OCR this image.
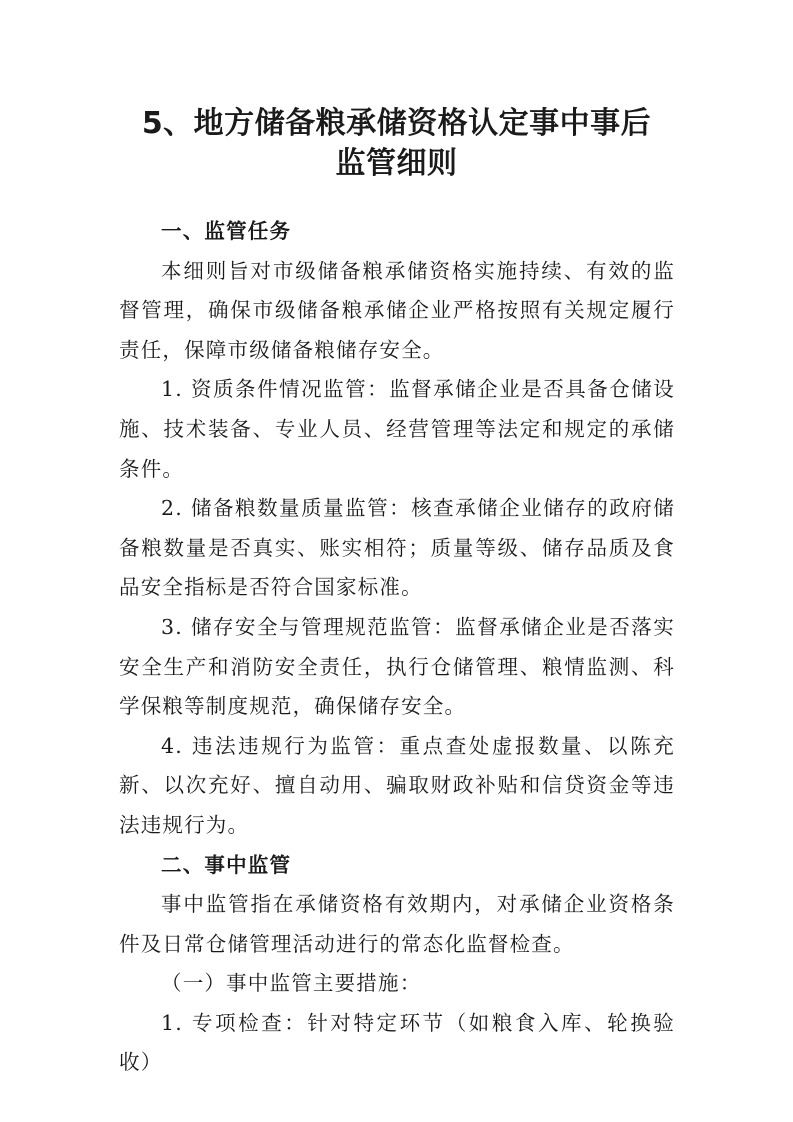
5、地方储备粮承储资格认定事中事后
监管细则

一、监管任务

本细则旨对市级储备粮承储资格实施持续、有效的监督管理，确保市级储备粮承储企业严格按照有关规定履行责任，保障市级储备粮储存安全。

1. 资质条件情况监管：监督承储企业是否具备仓储设施、技术装备、专业人员、经营管理等法定和规定的承储条件。

2. 储备粮数量质量监管：核查承储企业储存的政府储备粮数量是否真实、账实相符；质量等级、储存品质及食品安全指标是否符合国家标准。

3. 储存安全与管理规范监管：监督承储企业是否落实安全生产和消防安全责任，执行仓储管理、粮情监测、科学保粮等制度规范，确保储存安全。

4. 违法违规行为监管：重点查处虚报数量、以陈充新、以次充好、擅自动用、骗取财政补贴和信贷资金等违法违规行为。

二、事中监管

事中监管指在承储资格有效期内，对承储企业资格条件及日常仓储管理活动进行的常态化监督检查。

（一）事中监管主要措施：

1. 专项检查：针对特定环节（如粮食入库、轮换验收）
